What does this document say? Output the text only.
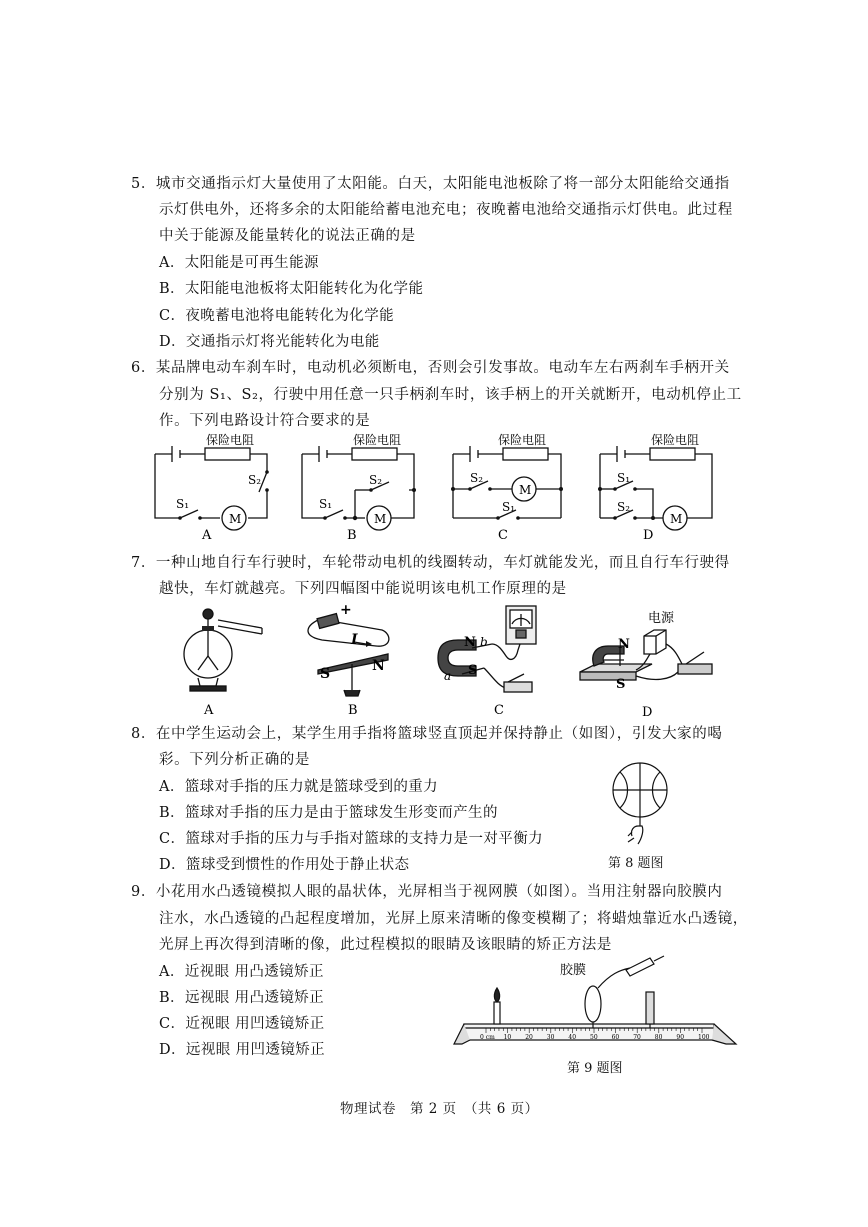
5．城市交通指示灯大量使用了太阳能。白天，太阳能电池板除了将一部分太阳能给交通指
示灯供电外，还将多余的太阳能给蓄电池充电；夜晚蓄电池给交通指示灯供电。此过程
中关于能源及能量转化的说法正确的是
A．太阳能是可再生能源
B．太阳能电池板将太阳能转化为化学能
C．夜晚蓄电池将电能转化为化学能
D．交通指示灯将光能转化为电能
6．某品牌电动车刹车时，电动机必须断电，否则会引发事故。电动车左右两刹车手柄开关
分别为 S₁、S₂，行驶中用任意一只手柄刹车时，该手柄上的开关就断开，电动机停止工
作。下列电路设计符合要求的是
保险电阻
S₂
S₁
M
A
保险电阻
S₂
S₁
M
B
保险电阻
S₂
S₁
M
C
保险电阻
S₁
S₂
M
D
7．一种山地自行车行驶时，车轮带动电机的线圈转动，车灯就能发光，而且自行车行驶得
越快，车灯就越亮。下列四幅图中能说明该电机工作原理的是
A
+
I
S	N
B
N b
S
a
C
电源
N
S
D
8．在中学生运动会上，某学生用手指将篮球竖直顶起并保持静止（如图），引发大家的喝
彩。下列分析正确的是
A．篮球对手指的压力就是篮球受到的重力
B．篮球对手指的压力是由于篮球发生形变而产生的
C．篮球对手指的压力与手指对篮球的支持力是一对平衡力
D．篮球受到惯性的作用处于静止状态	第 8 题图
9．小花用水凸透镜模拟人眼的晶状体，光屏相当于视网膜（如图）。当用注射器向胶膜内
注水，水凸透镜的凸起程度增加，光屏上原来清晰的像变模糊了；将蜡烛靠近水凸透镜，
光屏上再次得到清晰的像，此过程模拟的眼睛及该眼睛的矫正方法是
A．近视眼 用凸透镜矫正
B．远视眼 用凸透镜矫正
C．近视眼 用凹透镜矫正
D．远视眼 用凹透镜矫正
0 cm 10 20 30 40 50 60 70 80 90 100
胶膜
第 9 题图
物理试卷　第 2 页　（共 6 页）
